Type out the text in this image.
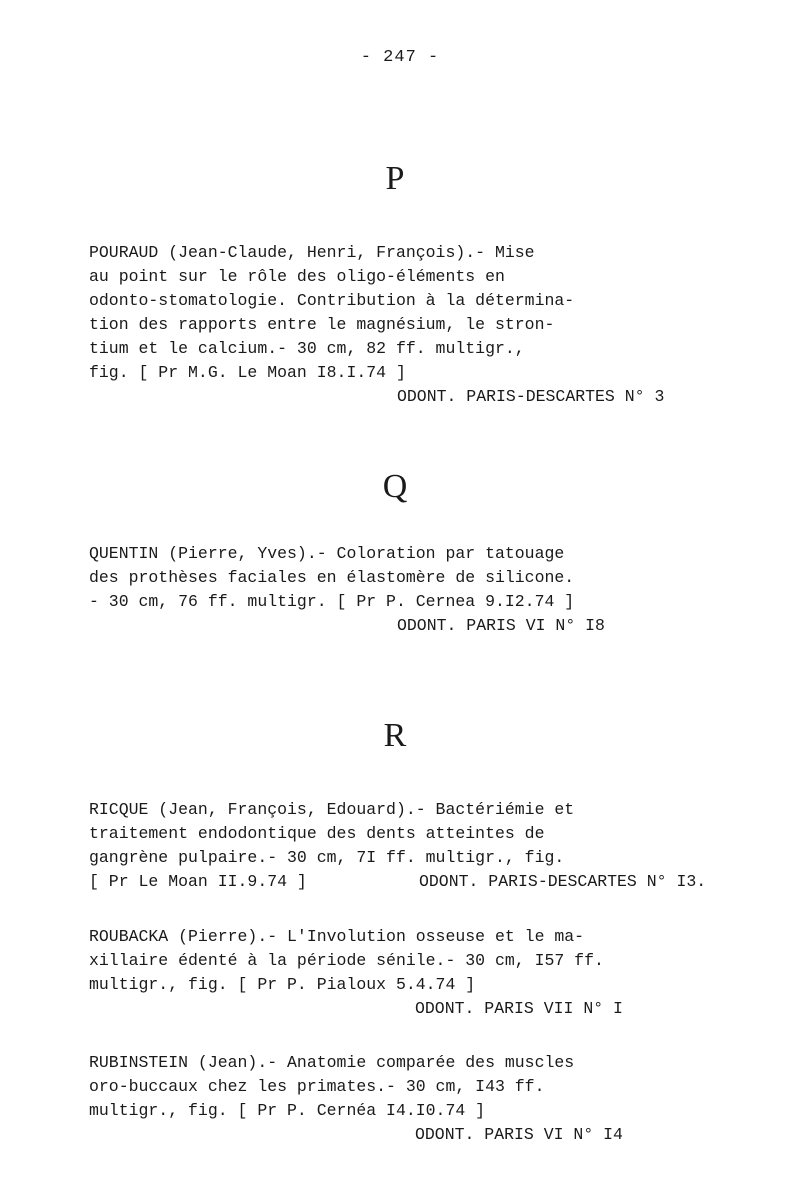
- 247 -
P
POURAUD (Jean-Claude, Henri, François).- Mise
au point sur le rôle des oligo-éléments en
odonto-stomatologie. Contribution à la détermina-
tion des rapports entre le magnésium, le stron-
tium et le calcium.- 30 cm, 82 ff. multigr.,
fig. [ Pr M.G. Le Moan I8.I.74 ]
ODONT. PARIS-DESCARTES N° 3
Q
QUENTIN (Pierre, Yves).- Coloration par tatouage
des prothèses faciales en élastomère de silicone.
- 30 cm, 76 ff. multigr. [ Pr P. Cernea 9.I2.74 ]
ODONT. PARIS VI N° I8
R
RICQUE (Jean, François, Edouard).- Bactériémie et
traitement endodontique des dents atteintes de
gangrène pulpaire.- 30 cm, 7I ff. multigr., fig.
[ Pr Le Moan II.9.74 ]	ODONT. PARIS-DESCARTES N° I3.
ROUBACKA (Pierre).- L'Involution osseuse et le ma-
xillaire édenté à la période sénile.- 30 cm, I57 ff.
multigr., fig. [ Pr P. Pialoux 5.4.74 ]
ODONT. PARIS VII N° I
RUBINSTEIN (Jean).- Anatomie comparée des muscles
oro-buccaux chez les primates.- 30 cm, I43 ff.
multigr., fig. [ Pr P. Cernéa I4.I0.74 ]
ODONT. PARIS VI N° I4
